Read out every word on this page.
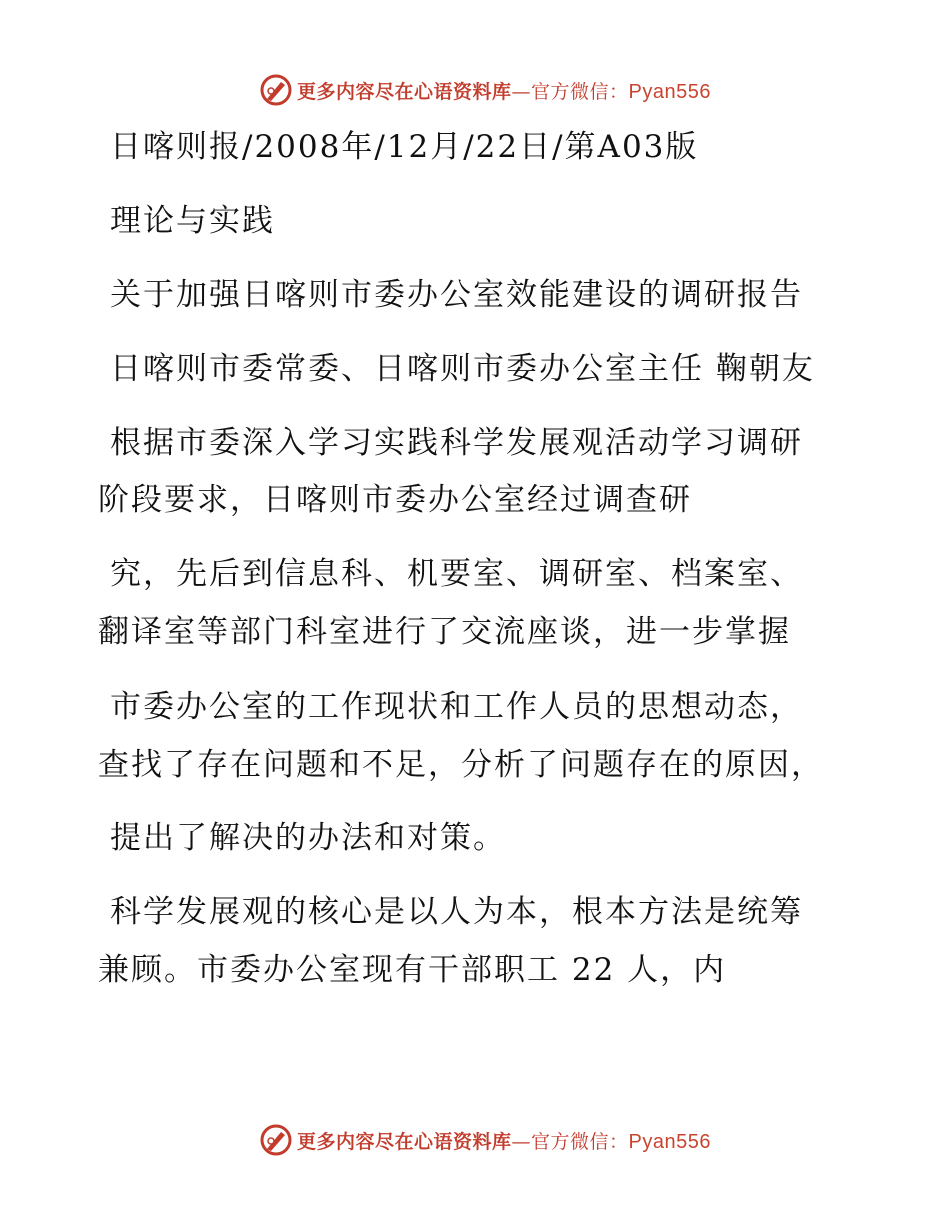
更多内容尽在心语资料库—官方微信：Pyan556
日喀则报/2008年/12月/22日/第A03版
理论与实践
关于加强日喀则市委办公室效能建设的调研报告
日喀则市委常委、日喀则市委办公室主任 鞠朝友
根据市委深入学习实践科学发展观活动学习调研
阶段要求，日喀则市委办公室经过调查研
究，先后到信息科、机要室、调研室、档案室、
翻译室等部门科室进行了交流座谈，进一步掌握
市委办公室的工作现状和工作人员的思想动态，
查找了存在问题和不足，分析了问题存在的原因，
提出了解决的办法和对策。
科学发展观的核心是以人为本，根本方法是统筹
兼顾。市委办公室现有干部职工 22 人，内
更多内容尽在心语资料库—官方微信：Pyan556
